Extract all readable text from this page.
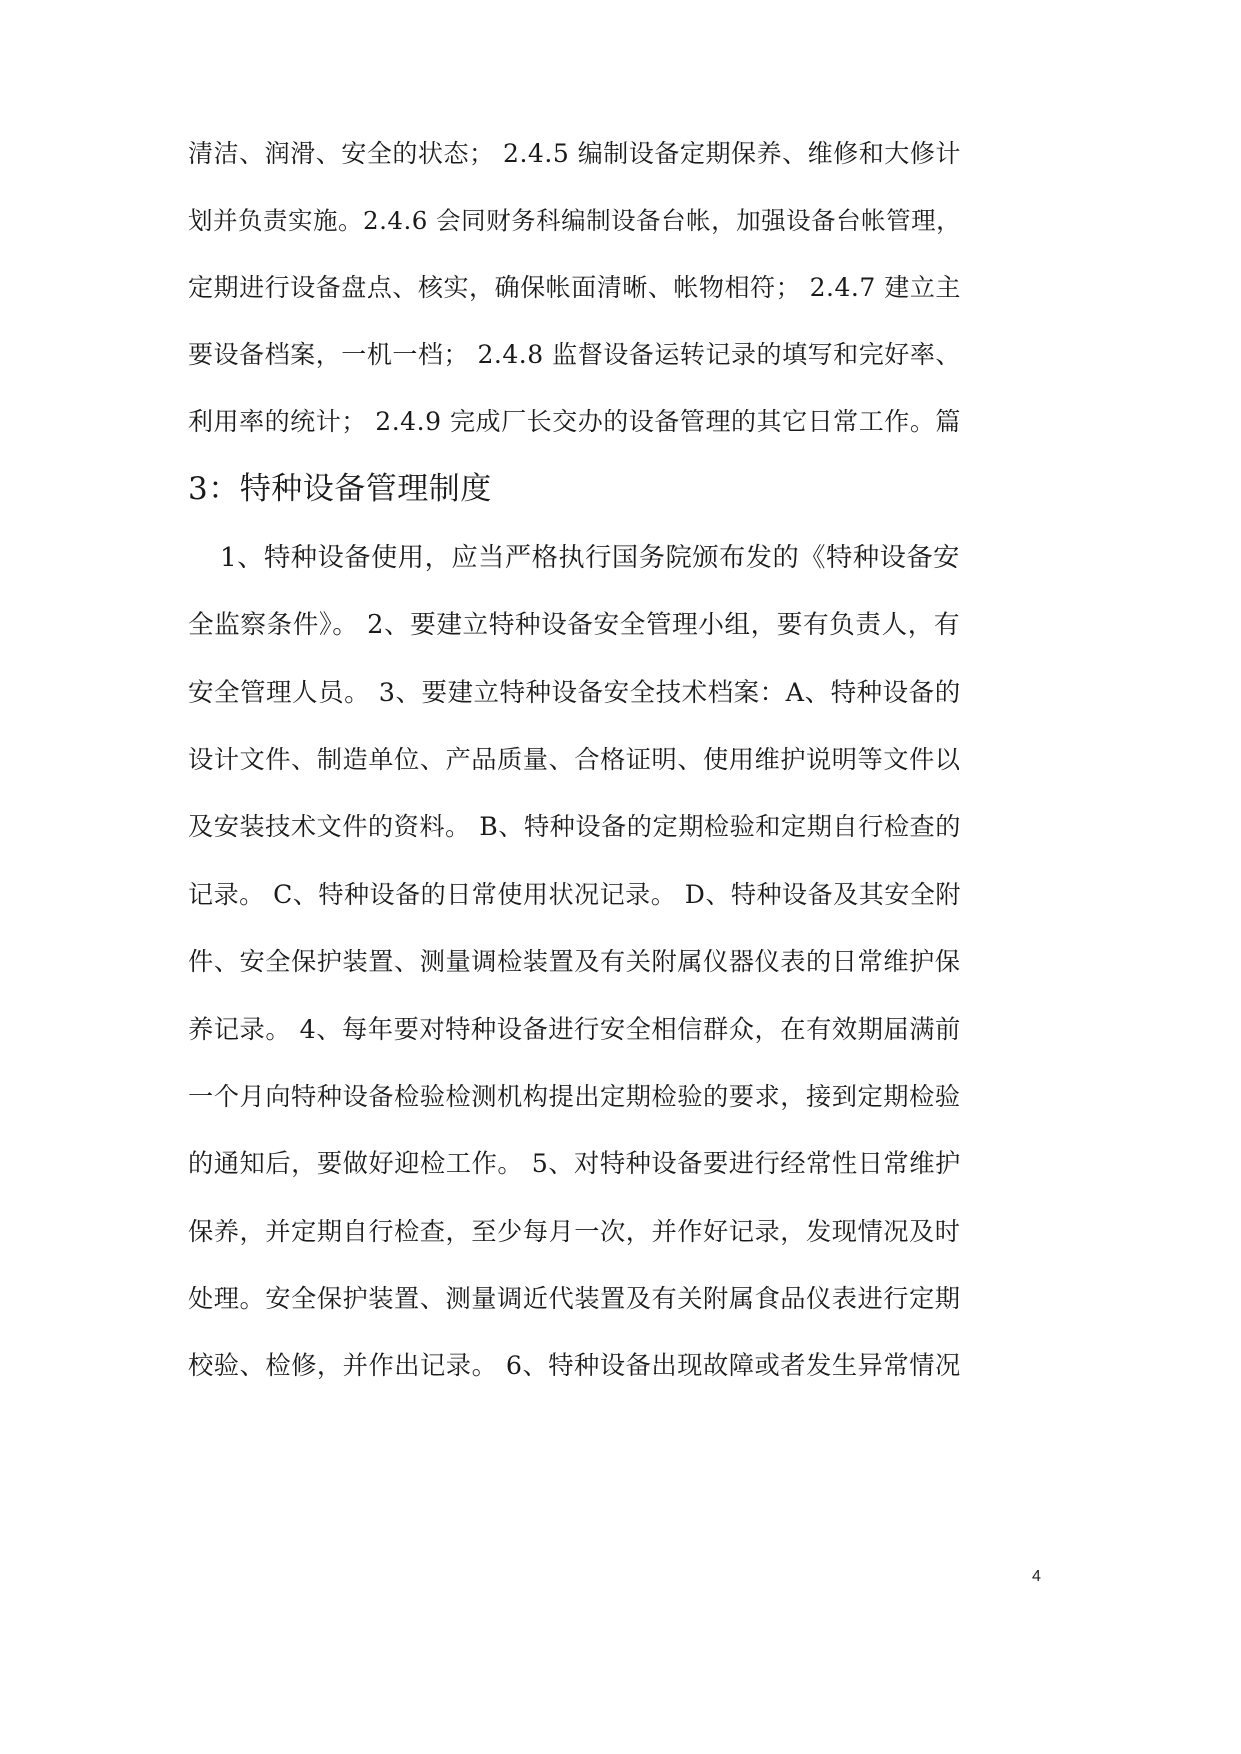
清洁、润滑、安全的状态； 2.4.5 编制设备定期保养、维修和大修计
划并负责实施。2.4.6 会同财务科编制设备台帐，加强设备台帐管理，
定期进行设备盘点、核实，确保帐面清晰、帐物相符； 2.4.7 建立主
要设备档案，一机一档； 2.4.8 监督设备运转记录的填写和完好率、
利用率的统计； 2.4.9 完成厂长交办的设备管理的其它日常工作。篇
3：特种设备管理制度
1、特种设备使用，应当严格执行国务院颁布发的《特种设备安
全监察条件》。 2、要建立特种设备安全管理小组，要有负责人，有
安全管理人员。 3、要建立特种设备安全技术档案：A、特种设备的
设计文件、制造单位、产品质量、合格证明、使用维护说明等文件以
及安装技术文件的资料。 B、特种设备的定期检验和定期自行检查的
记录。 C、特种设备的日常使用状况记录。 D、特种设备及其安全附
件、安全保护装置、测量调检装置及有关附属仪器仪表的日常维护保
养记录。 4、每年要对特种设备进行安全相信群众，在有效期届满前
一个月向特种设备检验检测机构提出定期检验的要求，接到定期检验
的通知后，要做好迎检工作。 5、对特种设备要进行经常性日常维护
保养，并定期自行检查，至少每月一次，并作好记录，发现情况及时
处理。安全保护装置、测量调近代装置及有关附属食品仪表进行定期
校验、检修，并作出记录。 6、特种设备出现故障或者发生异常情况
4
